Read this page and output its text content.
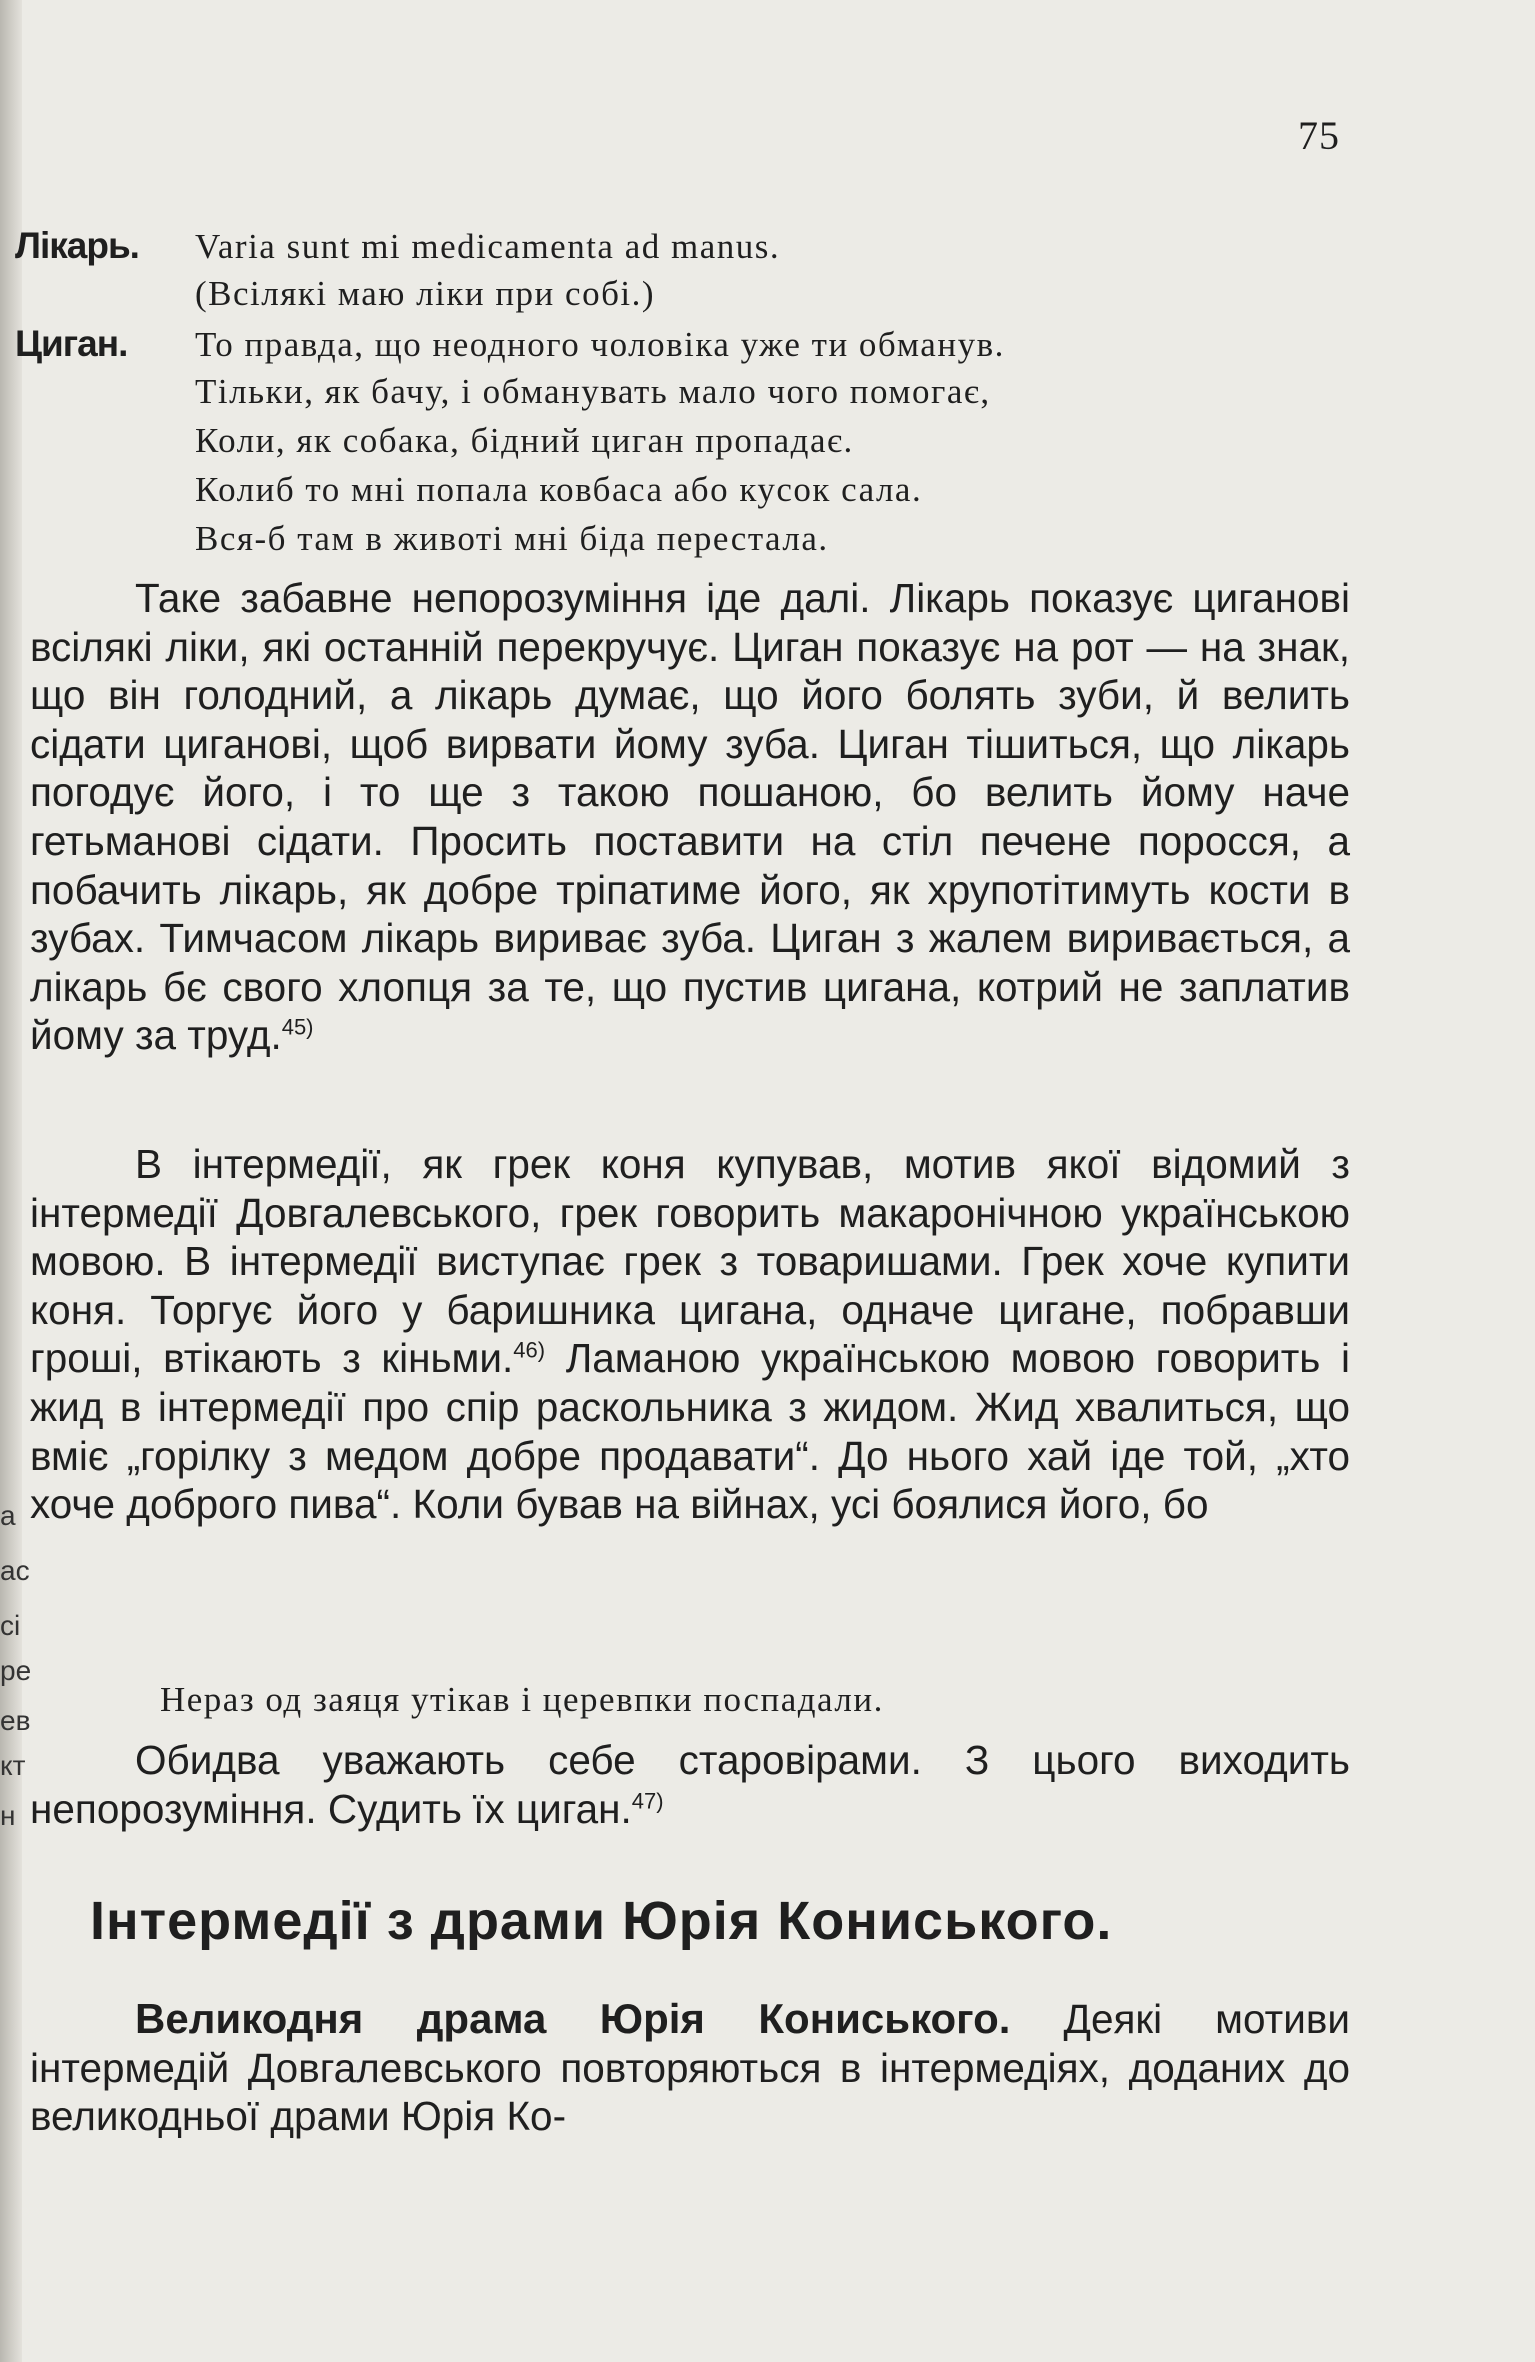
75
Лікарь.	Varia sunt mi medicamenta ad manus.
(Всілякі маю ліки при собі.)
Циган.	То правда, що неодного чоловіка уже ти обманув.
Тільки, як бачу, і обманувать мало чого помогає,
Коли, як собака, бідний циган пропадає.
Колиб то мні попала ковбаса або кусок сала.
Вся-б там в животі мні біда перестала.
Таке забавне непорозуміння іде далі. Лікарь показує циганові всілякі ліки, які останній перекручує. Циган показує на рот — на знак, що він голодний, а лікарь думає, що його болять зуби, й велить сідати циганові, щоб вирвати йому зуба. Циган тішиться, що лікарь погодує його, і то ще з такою пошаною, бо велить йому наче гетьманові сідати. Просить поставити на стіл печене поросся, а побачить лікарь, як добре тріпатиме його, як хрупотітимуть кости в зубах. Тимчасом лікарь вириває зуба. Циган з жалем виривається, а лікарь бє свого хлопця за те, що пустив цигана, котрий не заплатив йому за труд.$^{45)}$
В інтермедії, як грек коня купував, мотив якої відомий з інтермедії Довгалевського, грек говорить макаронічною українською мовою. В інтермедії виступає грек з товаришами. Грек хоче купити коня. Торгує його у баришника цигана, одначе цигане, побравши гроші, втікають з кіньми.$^{46)}$ Ламаною українською мовою говорить і жид в інтермедії про спір раскольника з жидом. Жид хвалиться, що вміє „горілку з медом добре продавати“. До нього хай іде той, „хто хоче доброго пива“. Коли бував на війнах, усі боялися його, бо
Нераз од заяця утікав і церевпки поспадали.
Обидва уважають себе старовірами. З цього виходить непорозуміння. Судить їх циган.$^{47)}$
Інтермедії з драми Юрія Кониського.
Великодня драма Юрія Кониського. Деякі мотиви інтермедій Довгалевського повторяються в інтермедіях, доданих до великодньої драми Юрія Ко-
а
ас
сі
ре
ев
кт
н
